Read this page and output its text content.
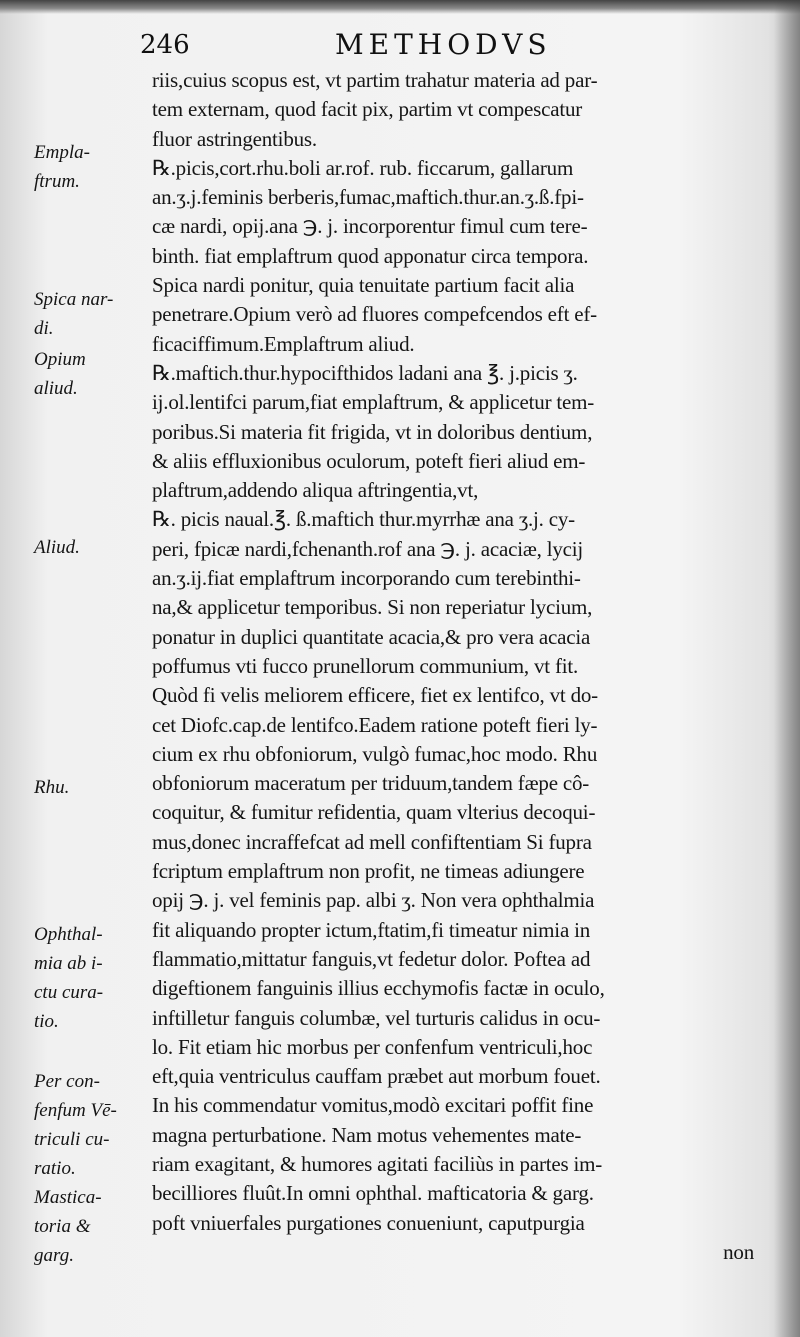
246	METHODVS
riis,cuius scopus est, vt partim trahatur materia ad par-
tem externam, quod facit pix, partim vt compescatur
fluor astringentibus.
℞.picis,cort.rhu.boli ar.rof. rub. ficcarum, gallarum
an.ʒ.j.feminis berberis,fumac,maftich.thur.an.ʒ.ß.fpi-
cæ nardi, opij.ana ℈. j. incorporentur fimul cum tere-
binth. fiat emplaftrum quod apponatur circa tempora.
Spica nardi ponitur, quia tenuitate partium facit alia
penetrare.Opium verò ad fluores compefcendos eft ef-
ficaciffimum.Emplaftrum aliud.
℞.maftich.thur.hypocifthidos ladani ana ℥. j.picis ʒ.
ij.ol.lentifci parum,fiat emplaftrum, & applicetur tem-
poribus.Si materia fit frigida, vt in doloribus dentium,
& aliis effluxionibus oculorum, poteft fieri aliud em-
plaftrum,addendo aliqua aftringentia,vt,
℞. picis naual.℥. ß.maftich thur.myrrhæ ana ʒ.j. cy-
peri, fpicæ nardi,fchenanth.rof ana ℈. j. acaciæ, lycij
an.ʒ.ij.fiat emplaftrum incorporando cum terebinthi-
na,& applicetur temporibus. Si non reperiatur lycium,
ponatur in duplici quantitate acacia,& pro vera acacia
poffumus vti fucco prunellorum communium, vt fit.
Quòd fi velis meliorem efficere, fiet ex lentifco, vt do-
cet Diofc.cap.de lentifco.Eadem ratione poteft fieri ly-
cium ex rhu obfoniorum, vulgò fumac,hoc modo. Rhu
obfoniorum maceratum per triduum,tandem fæpe cô-
coquitur, & fumitur refidentia, quam vlterius decoqui-
mus,donec incraffefcat ad mell confiftentiam Si fupra
fcriptum emplaftrum non profit, ne timeas adiungere
opij ℈. j. vel feminis pap. albi ʒ. Non vera ophthalmia
fit aliquando propter ictum,ftatim,fi timeatur nimia in
flammatio,mittatur fanguis,vt fedetur dolor. Poftea ad
digeftionem fanguinis illius ecchymofis factæ in oculo,
inftilletur fanguis columbæ, vel turturis calidus in ocu-
lo. Fit etiam hic morbus per confenfum ventriculi,hoc
eft,quia ventriculus cauffam præbet aut morbum fouet.
In his commendatur vomitus,modò excitari poffit fine
magna perturbatione. Nam motus vehementes mate-
riam exagitant, & humores agitati faciliùs in partes im-
becilliores fluût.In omni ophthal. mafticatoria & garg.
poft vniuerfales purgationes conueniunt, caputpurgia
non
Empla-
ftrum.
Spica nar-
di.
Opium
aliud.
Aliud.
Rhu.
Ophthal-
mia ab i-
ctu cura-
tio.
Per con-
fenfum Vē-
triculi cu-
ratio.
Mastica-
toria &
garg.
